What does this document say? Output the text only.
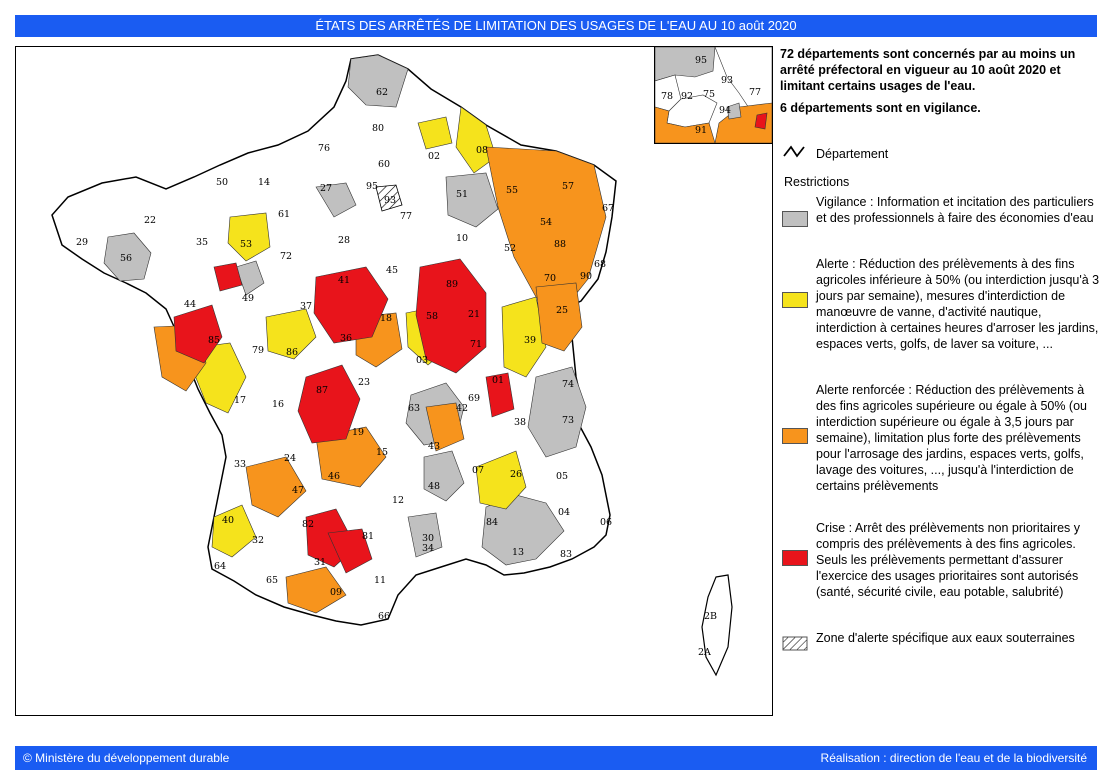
ÉTATS DES ARRÊTÉS DE LIMITATION DES USAGES DE L'EAU AU 10 août 2020
62
80
76
60
02
08
50	14
61
27	95
93
77
51	55	57
67
22
29	35	53
72
28	10
52
54
88
68
56
44
49
37
41
45
89
21
70	90
25
85
79 86
36
18	58
71	39
17	16
87
23
03
42
01	74
73
24
19
63
69
38
15
43
33
47
46
12
48
07	26	05
04
06
40
32
82
81	30
84
13	83
64
65
31
11
34
09
66	2B
2A
95
93
77
78 92 75
94
91

72 départements sont concernés par au moins un arrêté préfectoral en vigueur au 10 août 2020 et limitant certains usages de l'eau.

6 départements sont en vigilance.

Département
Restrictions
Vigilance : Information et incitation des particuliers et des professionnels à faire des économies d'eau
Alerte : Réduction des prélèvements à des fins agricoles inférieure à 50% (ou interdiction jusqu'à 3 jours par semaine), mesures d'interdiction de manœuvre de vanne, d'activité nautique, interdiction à certaines heures d'arroser les jardins, espaces verts, golfs, de laver sa voiture, ...
Alerte renforcée : Réduction des prélèvements à des fins agricoles supérieure ou égale à 50% (ou interdiction supérieure ou égale à 3,5 jours par semaine), limitation plus forte des prélèvements pour l'arrosage des jardins, espaces verts, golfs, lavage des voitures, ..., jusqu'à l'interdiction de certains prélèvements
Crise : Arrêt des prélèvements non prioritaires y compris des prélèvements à des fins agricoles. Seuls les prélèvements permettant d'assurer l'exercice des usages prioritaires sont autorisés (santé, sécurité civile, eau potable, salubrité)
Zone d'alerte spécifique aux eaux souterraines
© Ministère du développement durable	Réalisation : direction de l'eau et de la biodiversité
